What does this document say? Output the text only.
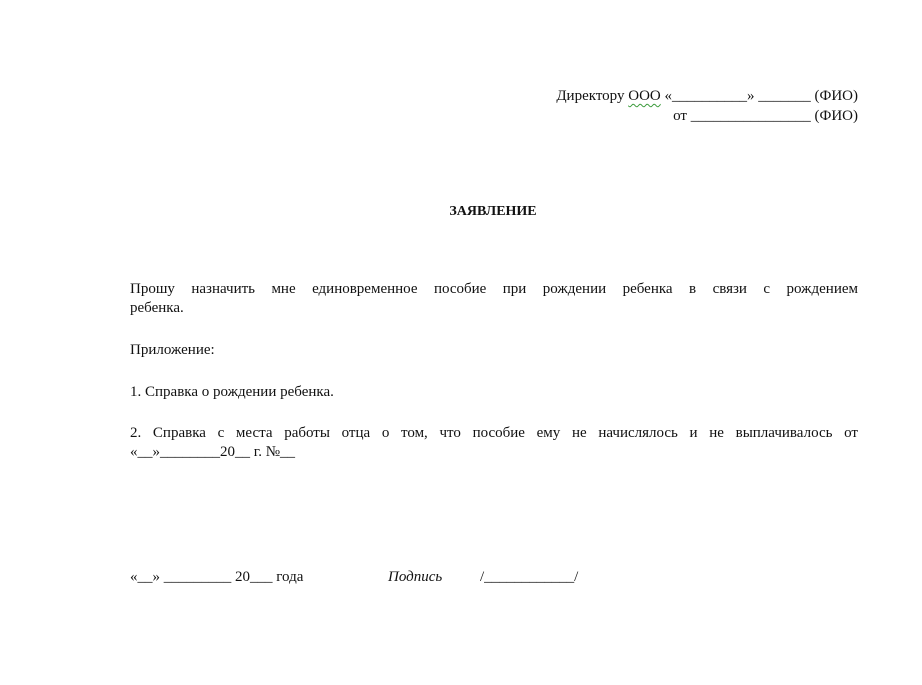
Директору ООО «__________» _______ (ФИО)
от ________________ (ФИО)
ЗАЯВЛЕНИЕ
Прошу назначить мне единовременное пособие при рождении ребенка в связи с рождением
ребенка.
Приложение:
1. Справка о рождении ребенка.
2. Справка с места работы отца о том, что пособие ему не начислялось и не выплачивалось от
«__»________20__ г. №__
«__» _________ 20___ года	Подпись	/____________/
